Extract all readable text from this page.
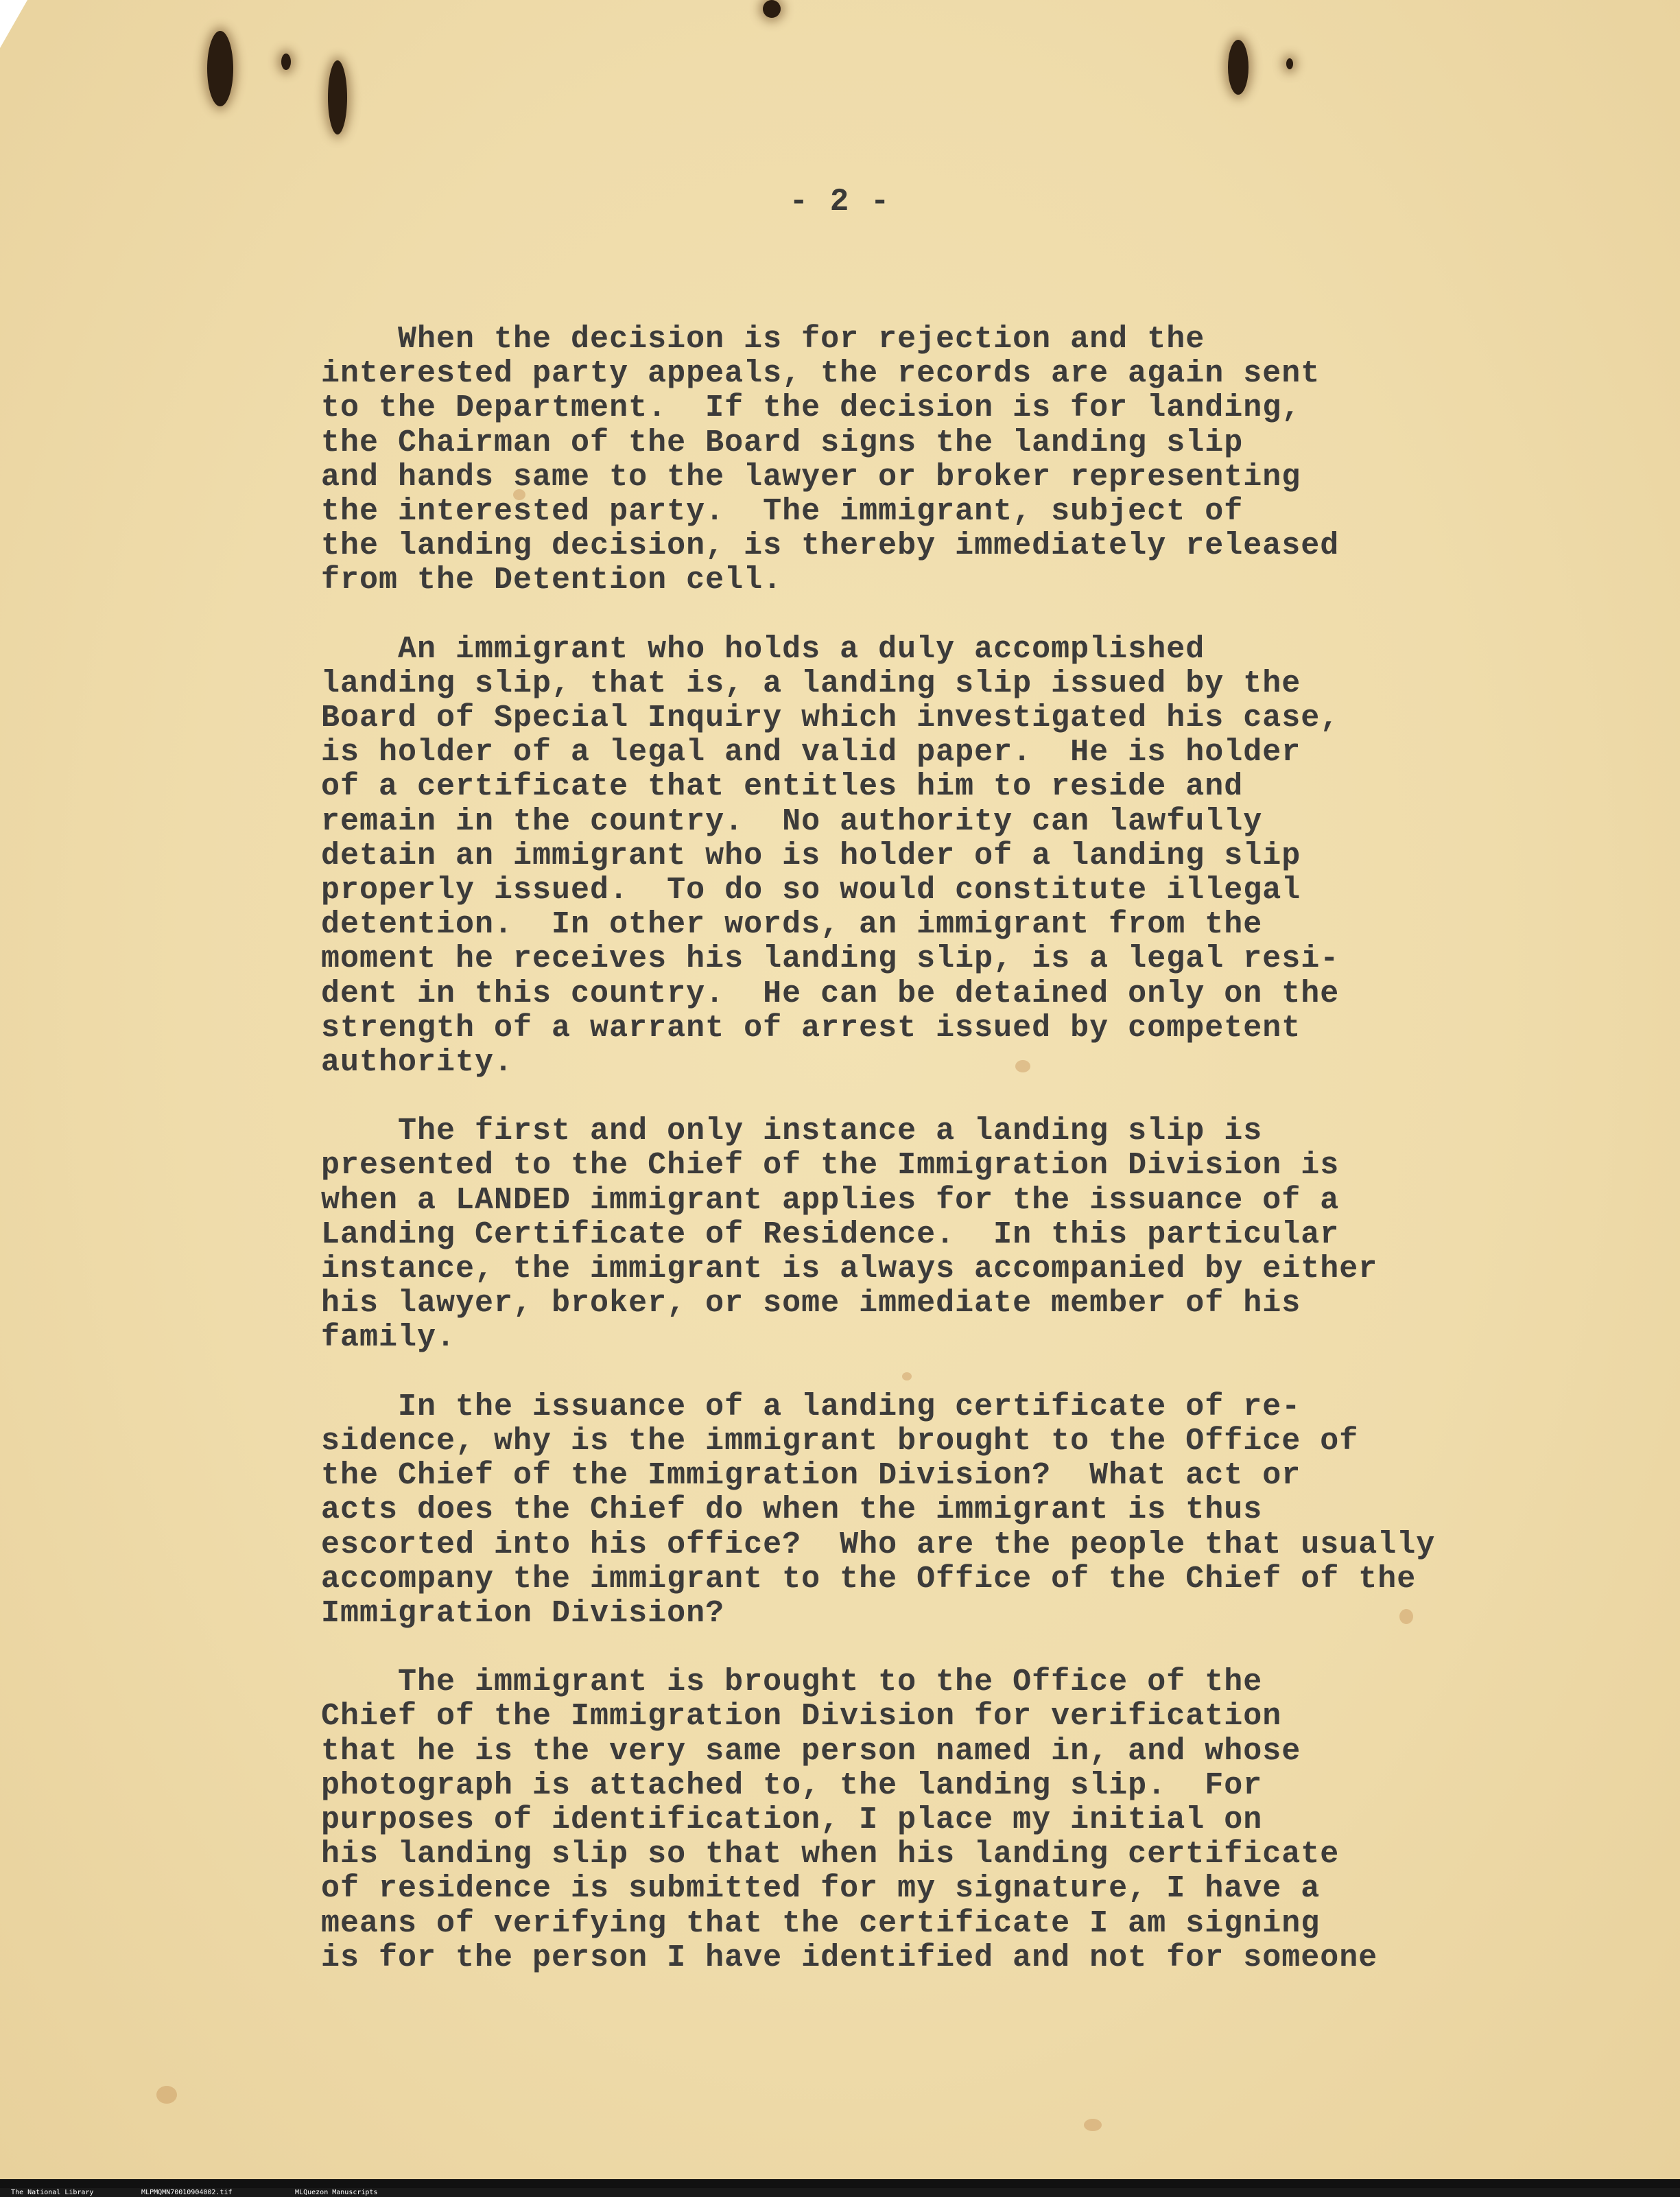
- 2 -
When the decision is for rejection and the
interested party appeals, the records are again sent
to the Department.  If the decision is for landing,
the Chairman of the Board signs the landing slip
and hands same to the lawyer or broker representing
the interested party.  The immigrant, subject of
the landing decision, is thereby immediately released
from the Detention cell.
An immigrant who holds a duly accomplished
landing slip, that is, a landing slip issued by the
Board of Special Inquiry which investigated his case,
is holder of a legal and valid paper.  He is holder
of a certificate that entitles him to reside and
remain in the country.  No authority can lawfully
detain an immigrant who is holder of a landing slip
properly issued.  To do so would constitute illegal
detention.  In other words, an immigrant from the
moment he receives his landing slip, is a legal resi-
dent in this country.  He can be detained only on the
strength of a warrant of arrest issued by competent
authority.
The first and only instance a landing slip is
presented to the Chief of the Immigration Division is
when a LANDED immigrant applies for the issuance of a
Landing Certificate of Residence.  In this particular
instance, the immigrant is always accompanied by either
his lawyer, broker, or some immediate member of his
family.
In the issuance of a landing certificate of re-
sidence, why is the immigrant brought to the Office of
the Chief of the Immigration Division?  What act or
acts does the Chief do when the immigrant is thus
escorted into his office?  Who are the people that usually
accompany the immigrant to the Office of the Chief of the
Immigration Division?
The immigrant is brought to the Office of the
Chief of the Immigration Division for verification
that he is the very same person named in, and whose
photograph is attached to, the landing slip.  For
purposes of identification, I place my initial on
his landing slip so that when his landing certificate
of residence is submitted for my signature, I have a
means of verifying that the certificate I am signing
is for the person I have identified and not for someone

The National Library	MLPMQMN70010904002.tif	MLQuezon Manuscripts
